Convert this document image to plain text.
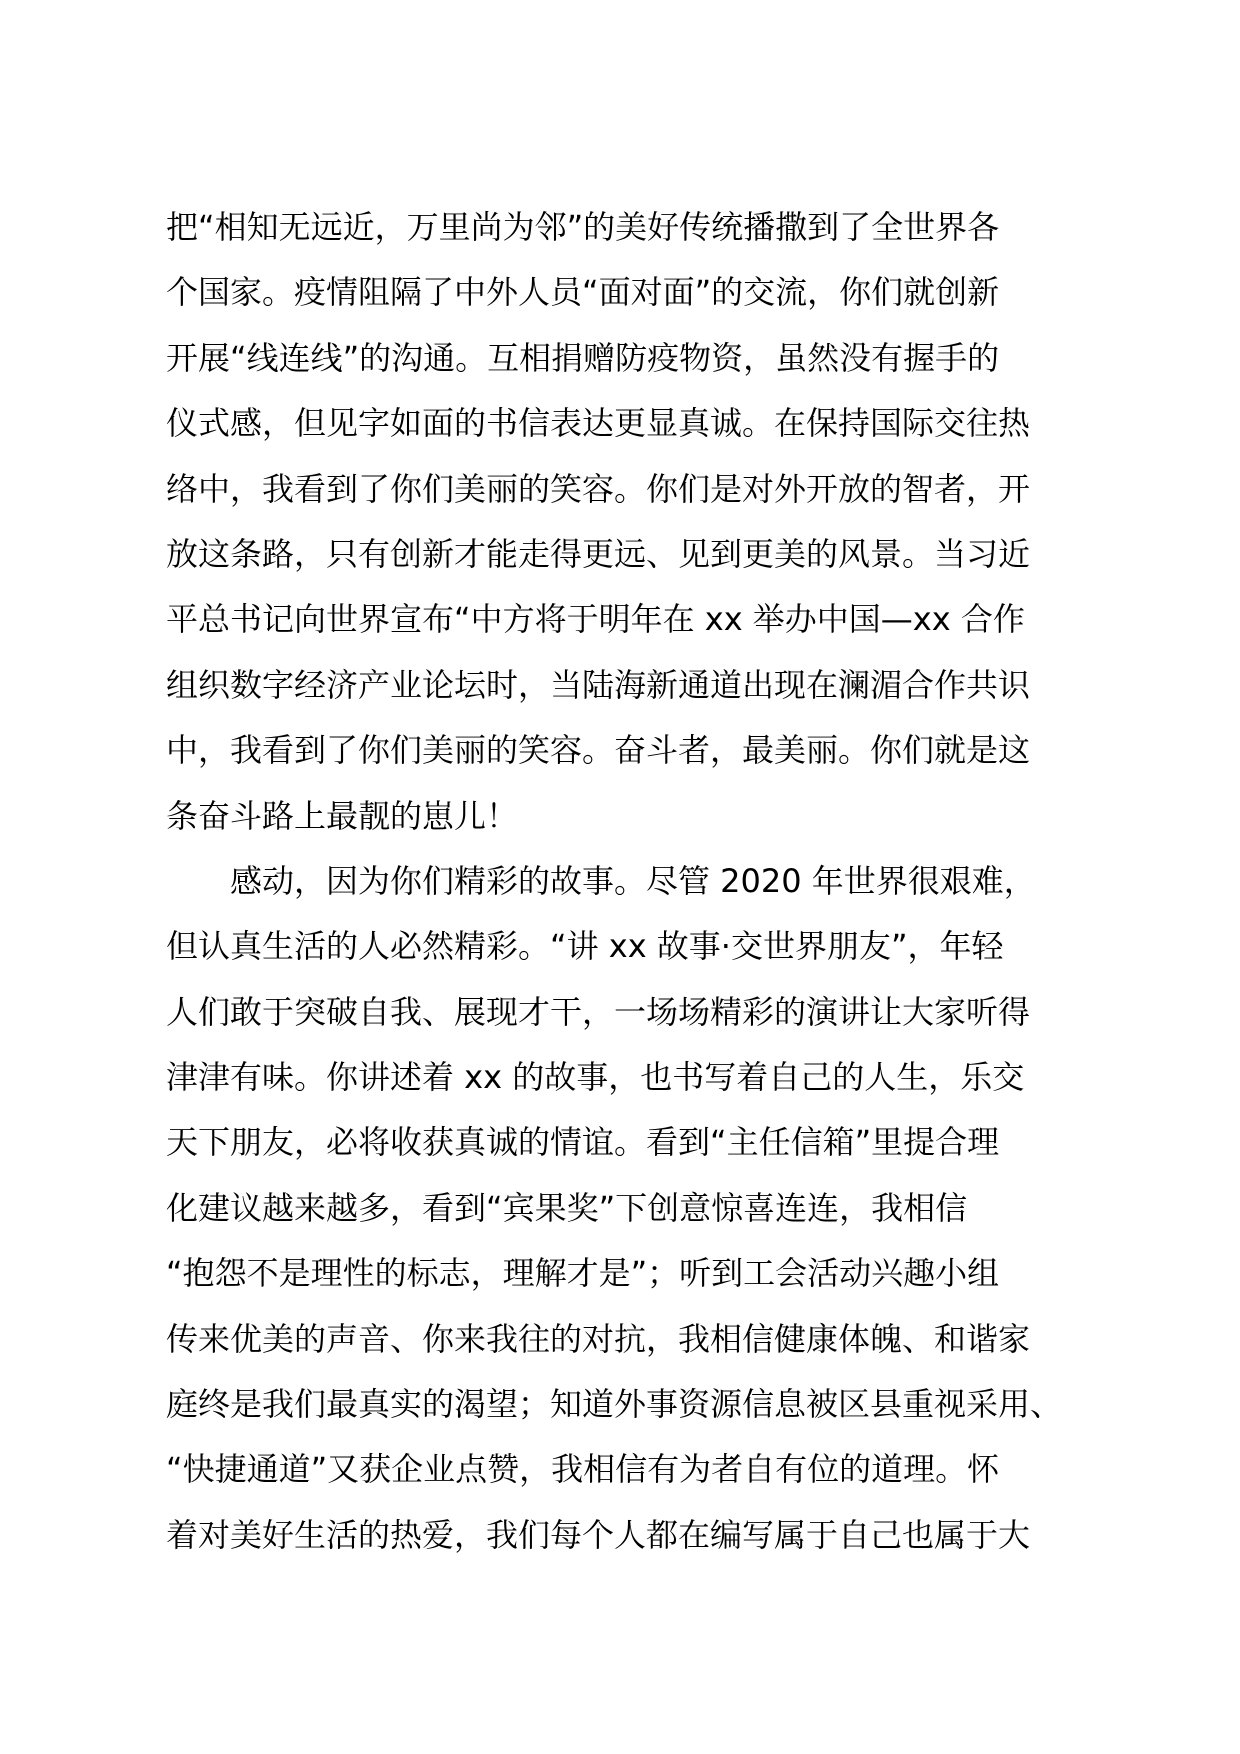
把“相知无远近，万里尚为邻”的美好传统播撒到了全世界各
个国家。疫情阻隔了中外人员“面对面”的交流，你们就创新
开展“线连线”的沟通。互相捐赠防疫物资，虽然没有握手的
仪式感，但见字如面的书信表达更显真诚。在保持国际交往热
络中，我看到了你们美丽的笑容。你们是对外开放的智者，开
放这条路，只有创新才能走得更远、见到更美的风景。当习近
平总书记向世界宣布“中方将于明年在 xx 举办中国—xx 合作
组织数字经济产业论坛时，当陆海新通道出现在澜湄合作共识
中，我看到了你们美丽的笑容。奋斗者，最美丽。你们就是这
条奋斗路上最靓的崽儿！
　　感动，因为你们精彩的故事。尽管 2020 年世界很艰难，
但认真生活的人必然精彩。“讲 xx 故事·交世界朋友”，年轻
人们敢于突破自我、展现才干，一场场精彩的演讲让大家听得
津津有味。你讲述着 xx 的故事，也书写着自己的人生，乐交
天下朋友，必将收获真诚的情谊。看到“主任信箱”里提合理
化建议越来越多，看到“宾果奖”下创意惊喜连连，我相信
“抱怨不是理性的标志，理解才是”；听到工会活动兴趣小组
传来优美的声音、你来我往的对抗，我相信健康体魄、和谐家
庭终是我们最真实的渴望；知道外事资源信息被区县重视采用、
“快捷通道”又获企业点赞，我相信有为者自有位的道理。怀
着对美好生活的热爱，我们每个人都在编写属于自己也属于大
